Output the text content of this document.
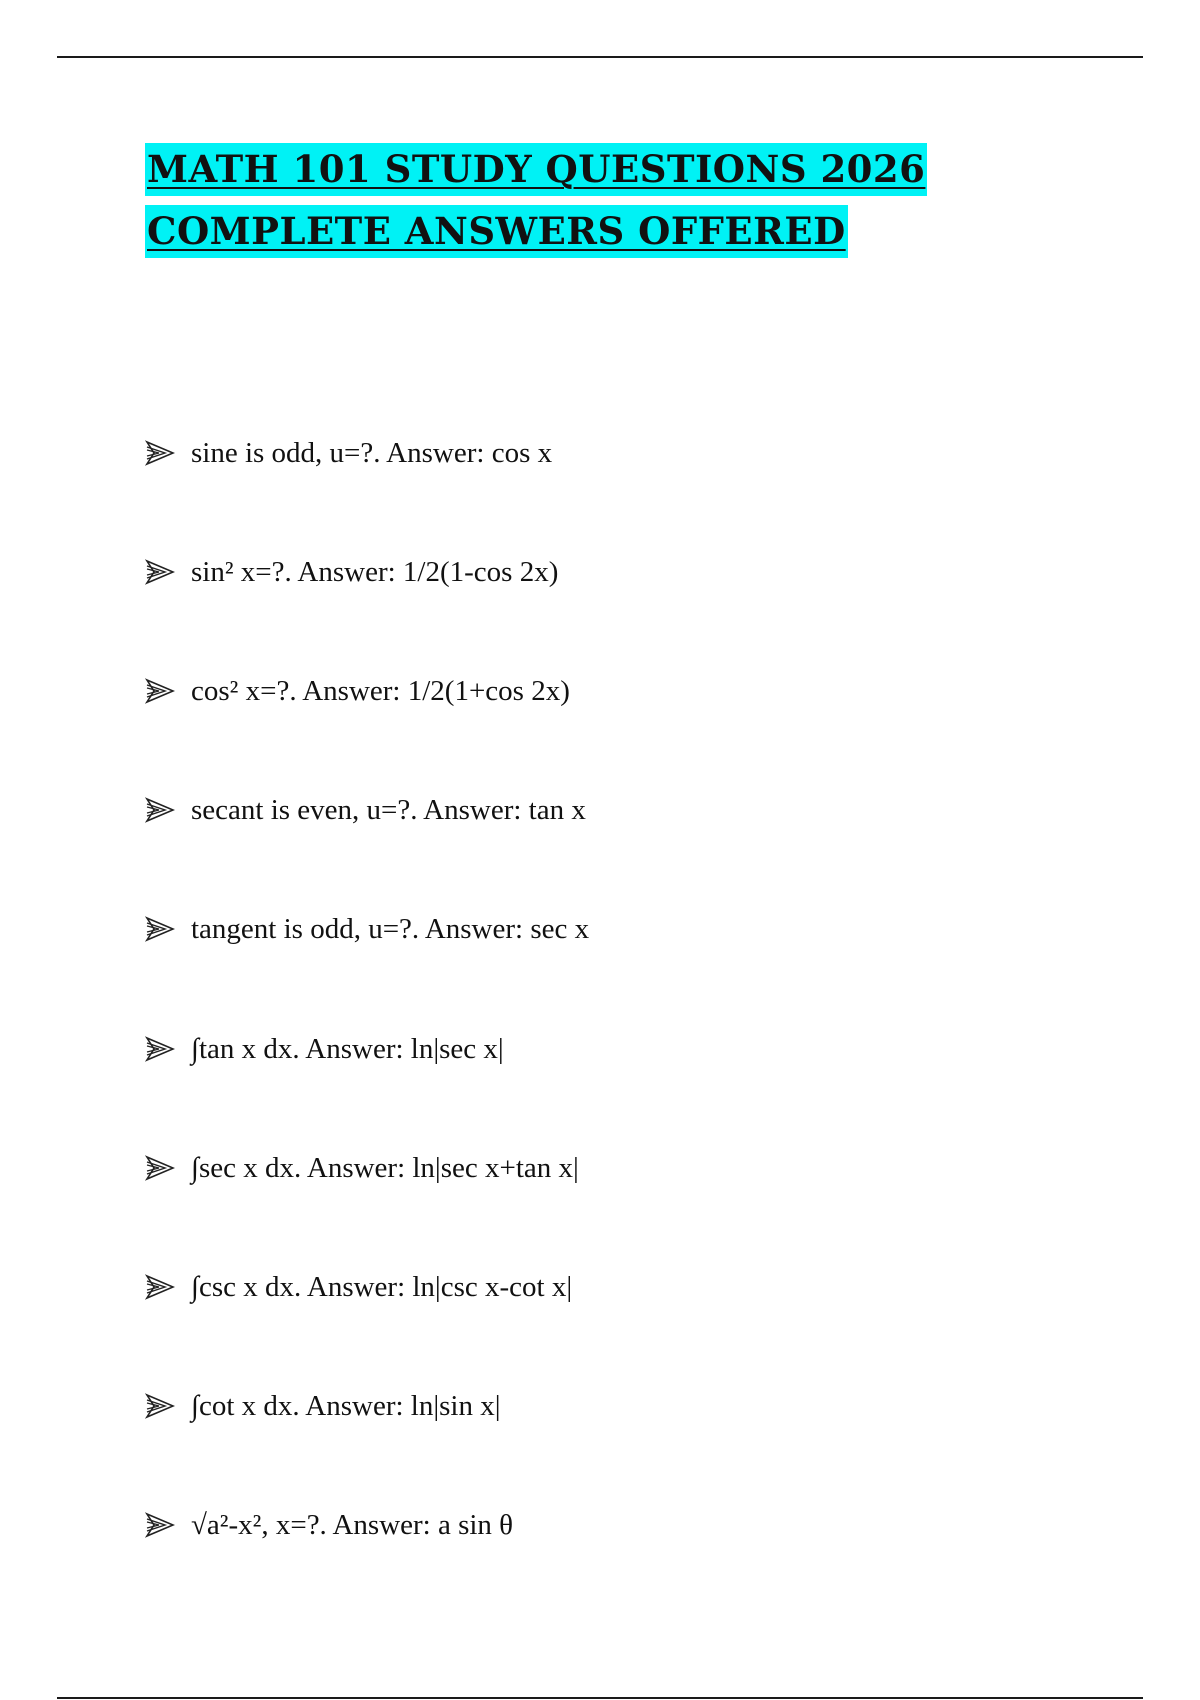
MATH 101 STUDY QUESTIONS 2026
COMPLETE ANSWERS OFFERED
sine is odd, u=?. Answer: cos x
sin² x=?. Answer: 1/2(1-cos 2x)
cos² x=?. Answer: 1/2(1+cos 2x)
secant is even, u=?. Answer: tan x
tangent is odd, u=?. Answer: sec x
∫tan x dx. Answer: ln|sec x|
∫sec x dx. Answer: ln|sec x+tan x|
∫csc x dx. Answer: ln|csc x-cot x|
∫cot x dx. Answer: ln|sin x|
√a²-x², x=?. Answer: a sin θ
